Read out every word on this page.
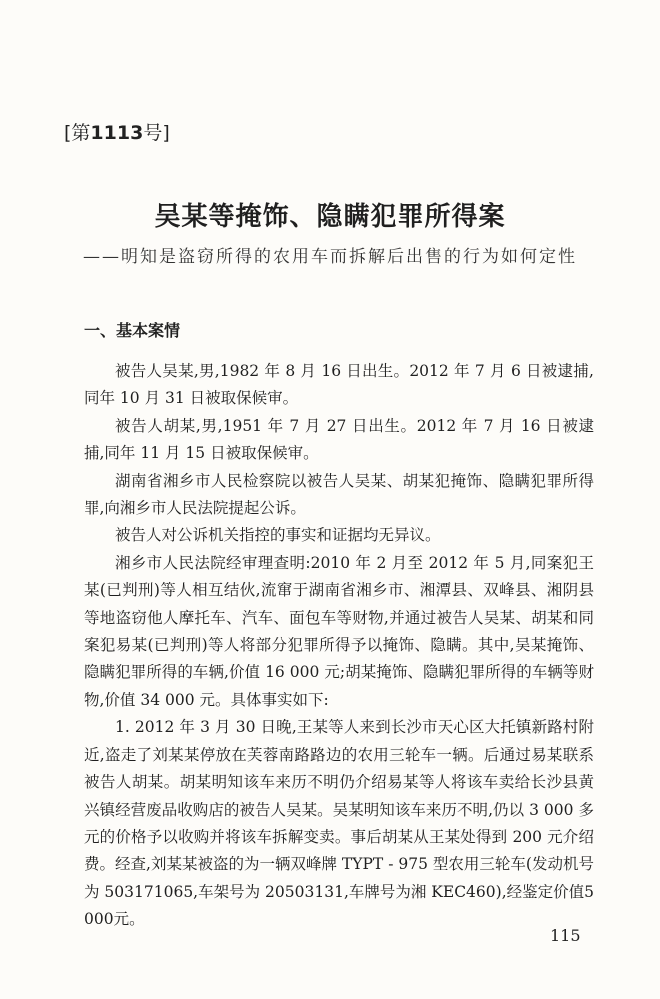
[第1113号]
吴某等掩饰、隐瞒犯罪所得案
——明知是盗窃所得的农用车而拆解后出售的行为如何定性
一、基本案情

被告人吴某,男,1982 年 8 月 16 日出生。2012 年 7 月 6 日被逮捕,同年 10 月 31 日被取保候审。

被告人胡某,男,1951 年 7 月 27 日出生。2012 年 7 月 16 日被逮捕,同年 11 月 15 日被取保候审。

湖南省湘乡市人民检察院以被告人吴某、胡某犯掩饰、隐瞒犯罪所得罪,向湘乡市人民法院提起公诉。

被告人对公诉机关指控的事实和证据均无异议。

湘乡市人民法院经审理查明:2010 年 2 月至 2012 年 5 月,同案犯王某(已判刑)等人相互结伙,流窜于湖南省湘乡市、湘潭县、双峰县、湘阴县等地盗窃他人摩托车、汽车、面包车等财物,并通过被告人吴某、胡某和同案犯易某(已判刑)等人将部分犯罪所得予以掩饰、隐瞒。其中,吴某掩饰、隐瞒犯罪所得的车辆,价值 16 000 元;胡某掩饰、隐瞒犯罪所得的车辆等财物,价值 34 000 元。具体事实如下:

1. 2012 年 3 月 30 日晚,王某等人来到长沙市天心区大托镇新路村附近,盗走了刘某某停放在芙蓉南路路边的农用三轮车一辆。后通过易某联系被告人胡某。胡某明知该车来历不明仍介绍易某等人将该车卖给长沙县黄兴镇经营废品收购店的被告人吴某。吴某明知该车来历不明,仍以 3 000 多元的价格予以收购并将该车拆解变卖。事后胡某从王某处得到 200 元介绍费。经查,刘某某被盗的为一辆双峰牌 TYPT - 975 型农用三轮车(发动机号为 503171065,车架号为 20503131,车牌号为湘 KEC460),经鉴定价值5 000元。

115
